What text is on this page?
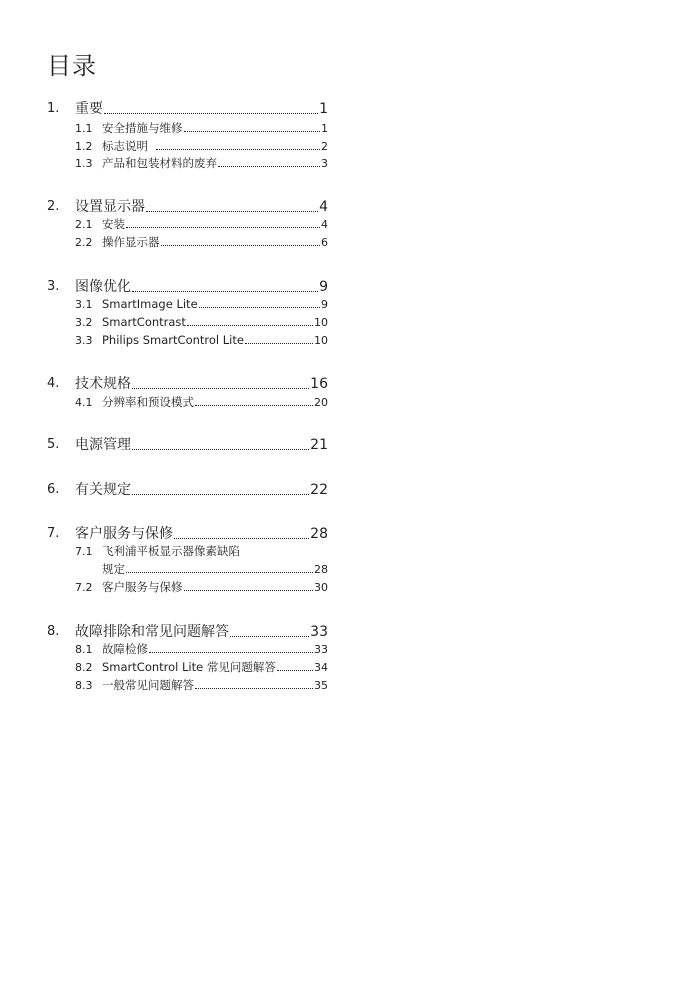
目录
1. 重要	1
1.1 安全措施与维修	1
1.2 标志说明	2
1.3 产品和包装材料的废弃	3
2. 设置显示器	4
2.1 安装	4
2.2 操作显示器	6
3. 图像优化	9
3.1 SmartImage Lite	9
3.2 SmartContrast	10
3.3 Philips SmartControl Lite	10
4. 技术规格	16
4.1 分辨率和预设模式	20
5. 电源管理	21
6. 有关规定	22
7. 客户服务与保修	28
7.1 飞利浦平板显示器像素缺陷
规定	28
7.2 客户服务与保修	30
8. 故障排除和常见问题解答	33
8.1 故障检修	33
8.2 SmartControl Lite 常见问题解答	34
8.3 一般常见问题解答	35
